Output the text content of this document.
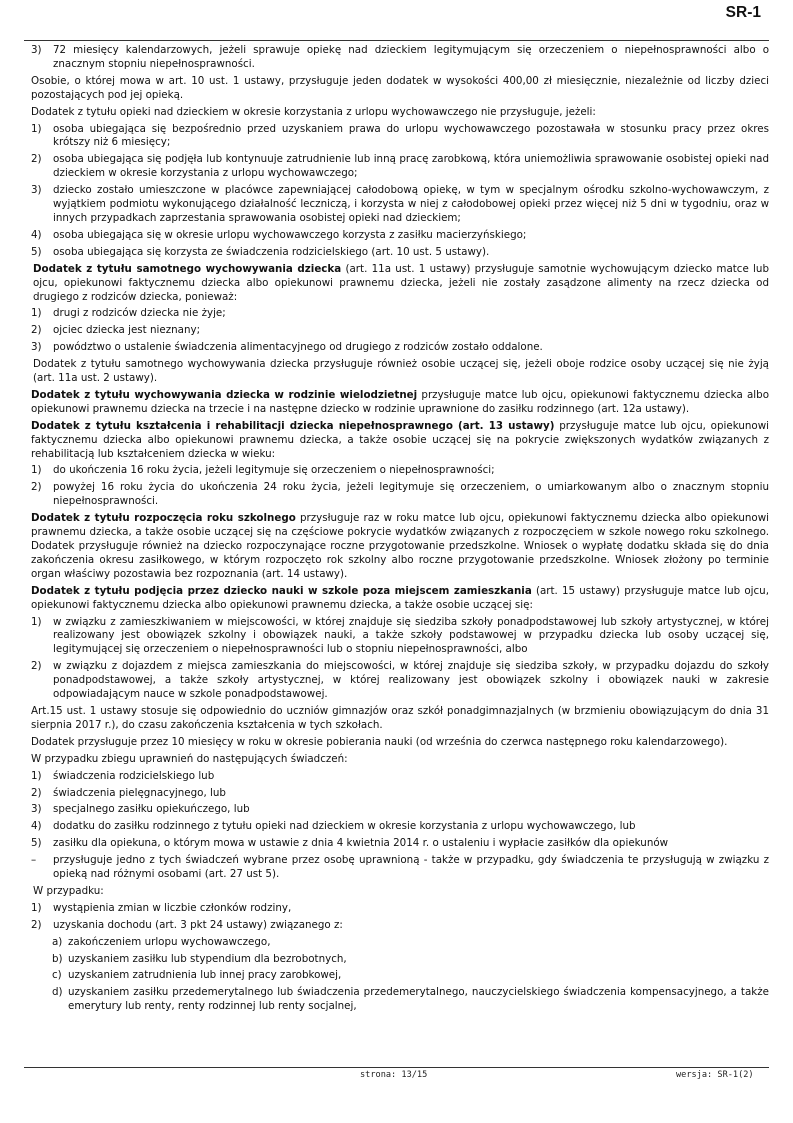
SR-1
3) 72 miesięcy kalendarzowych, jeżeli sprawuje opiekę nad dzieckiem legitymującym się orzeczeniem o niepełnosprawności albo o znacznym stopniu niepełnosprawności.

Osobie, o której mowa w art. 10 ust. 1 ustawy, przysługuje jeden dodatek w wysokości 400,00 zł miesięcznie, niezależnie od liczby dzieci pozostających pod jej opieką.

Dodatek z tytułu opieki nad dzieckiem w okresie korzystania z urlopu wychowawczego nie przysługuje, jeżeli:

1) osoba ubiegająca się bezpośrednio przed uzyskaniem prawa do urlopu wychowawczego pozostawała w stosunku pracy przez okres krótszy niż 6 miesięcy;
2) osoba ubiegająca się podjęła lub kontynuuje zatrudnienie lub inną pracę zarobkową, która uniemożliwia sprawowanie osobistej opieki nad dzieckiem w okresie korzystania z urlopu wychowawczego;
3) dziecko zostało umieszczone w placówce zapewniającej całodobową opiekę, w tym w specjalnym ośrodku szkolno-wychowawczym, z wyjątkiem podmiotu wykonującego działalność leczniczą, i korzysta w niej z całodobowej opieki przez więcej niż 5 dni w tygodniu, oraz w innych przypadkach zaprzestania sprawowania osobistej opieki nad dzieckiem;
4) osoba ubiegająca się w okresie urlopu wychowawczego korzysta z zasiłku macierzyńskiego;
5) osoba ubiegająca się korzysta ze świadczenia rodzicielskiego (art. 10 ust. 5 ustawy).

Dodatek z tytułu samotnego wychowywania dziecka (art. 11a ust. 1 ustawy) przysługuje samotnie wychowującym dziecko matce lub ojcu, opiekunowi faktycznemu dziecka albo opiekunowi prawnemu dziecka, jeżeli nie zostały zasądzone alimenty na rzecz dziecka od drugiego z rodziców dziecka, ponieważ:

1) drugi z rodziców dziecka nie żyje;
2) ojciec dziecka jest nieznany;
3) powództwo o ustalenie świadczenia alimentacyjnego od drugiego z rodziców zostało oddalone.

Dodatek z tytułu samotnego wychowywania dziecka przysługuje również osobie uczącej się, jeżeli oboje rodzice osoby uczącej się nie żyją (art. 11a ust. 2 ustawy).

Dodatek z tytułu wychowywania dziecka w rodzinie wielodzietnej przysługuje matce lub ojcu, opiekunowi faktycznemu dziecka albo opiekunowi prawnemu dziecka na trzecie i na następne dziecko w rodzinie uprawnione do zasiłku rodzinnego (art. 12a ustawy).

Dodatek z tytułu kształcenia i rehabilitacji dziecka niepełnosprawnego (art. 13 ustawy) przysługuje matce lub ojcu, opiekunowi faktycznemu dziecka albo opiekunowi prawnemu dziecka, a także osobie uczącej się na pokrycie zwiększonych wydatków związanych z rehabilitacją lub kształceniem dziecka w wieku:

1) do ukończenia 16 roku życia, jeżeli legitymuje się orzeczeniem o niepełnosprawności;
2) powyżej 16 roku życia do ukończenia 24 roku życia, jeżeli legitymuje się orzeczeniem, o umiarkowanym albo o znacznym stopniu niepełnosprawności.

Dodatek z tytułu rozpoczęcia roku szkolnego przysługuje raz w roku matce lub ojcu, opiekunowi faktycznemu dziecka albo opiekunowi prawnemu dziecka, a także osobie uczącej się na częściowe pokrycie wydatków związanych z rozpoczęciem w szkole nowego roku szkolnego. Dodatek przysługuje również na dziecko rozpoczynające roczne przygotowanie przedszkolne. Wniosek o wypłatę dodatku składa się do dnia zakończenia okresu zasiłkowego, w którym rozpoczęto rok szkolny albo roczne przygotowanie przedszkolne. Wniosek złożony po terminie organ właściwy pozostawia bez rozpoznania (art. 14 ustawy).

Dodatek z tytułu podjęcia przez dziecko nauki w szkole poza miejscem zamieszkania (art. 15 ustawy) przysługuje matce lub ojcu, opiekunowi faktycznemu dziecka albo opiekunowi prawnemu dziecka, a także osobie uczącej się:

1) w związku z zamieszkiwaniem w miejscowości, w której znajduje się siedziba szkoły ponadpodstawowej lub szkoły artystycznej, w której realizowany jest obowiązek szkolny i obowiązek nauki, a także szkoły podstawowej w przypadku dziecka lub osoby uczącej się, legitymującej się orzeczeniem o niepełnosprawności lub o stopniu niepełnosprawności, albo
2) w związku z dojazdem z miejsca zamieszkania do miejscowości, w której znajduje się siedziba szkoły, w przypadku dojazdu do szkoły ponadpodstawowej, a także szkoły artystycznej, w której realizowany jest obowiązek szkolny i obowiązek nauki w zakresie odpowiadającym nauce w szkole ponadpodstawowej.

Art.15 ust. 1 ustawy stosuje się odpowiednio do uczniów gimnazjów oraz szkół ponadgimnazjalnych (w brzmieniu obowiązującym do dnia 31 sierpnia 2017 r.), do czasu zakończenia kształcenia w tych szkołach.

Dodatek przysługuje przez 10 miesięcy w roku w okresie pobierania nauki (od września do czerwca następnego roku kalendarzowego).

W przypadku zbiegu uprawnień do następujących świadczeń:

1) świadczenia rodzicielskiego lub
2) świadczenia pielęgnacyjnego, lub
3) specjalnego zasiłku opiekuńczego, lub
4) dodatku do zasiłku rodzinnego z tytułu opieki nad dzieckiem w okresie korzystania z urlopu wychowawczego, lub
5) zasiłku dla opiekuna, o którym mowa w ustawie z dnia 4 kwietnia 2014 r. o ustaleniu i wypłacie zasiłków dla opiekunów
– przysługuje jedno z tych świadczeń wybrane przez osobę uprawnioną - także w przypadku, gdy świadczenia te przysługują w związku z opieką nad różnymi osobami (art. 27 ust 5).

W przypadku:

1) wystąpienia zmian w liczbie członków rodziny,
2) uzyskania dochodu (art. 3 pkt 24 ustawy) związanego z:
a) zakończeniem urlopu wychowawczego,
b) uzyskaniem zasiłku lub stypendium dla bezrobotnych,
c) uzyskaniem zatrudnienia lub innej pracy zarobkowej,
d) uzyskaniem zasiłku przedemerytalnego lub świadczenia przedemerytalnego, nauczycielskiego świadczenia kompensacyjnego, a także emerytury lub renty, renty rodzinnej lub renty socjalnej,
strona: 13/15	wersja: SR-1(2)
